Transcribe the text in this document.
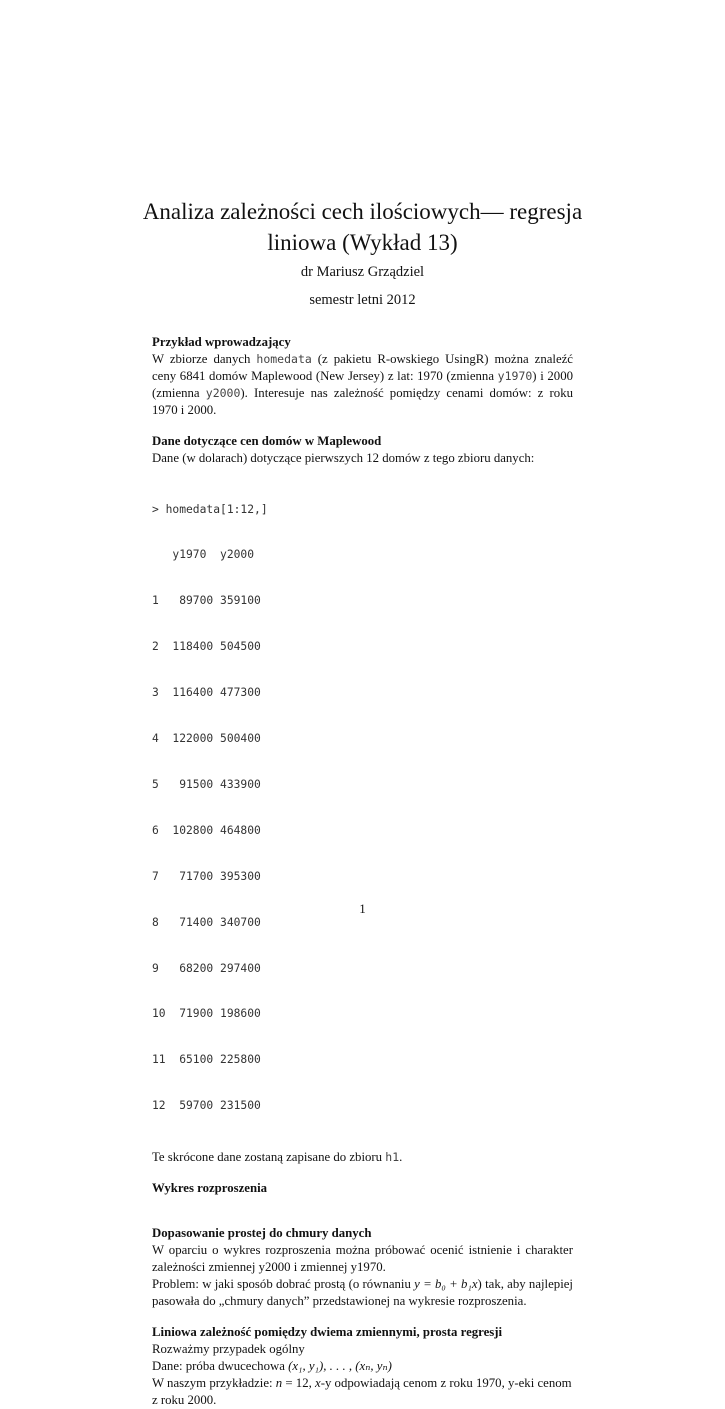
Analiza zależności cech ilościowych— regresja
liniowa (Wykład 13)
dr Mariusz Grządziel
semestr letni 2012

Przykład wprowadzający

W zbiorze danych homedata (z pakietu R-owskiego UsingR) można znaleźć ceny 6841 domów Maplewood (New Jersey) z lat: 1970 (zmienna y1970) i 2000 (zmienna y2000). Interesuje nas zależność pomiędzy cenami domów: z roku 1970 i 2000.

Dane dotyczące cen domów w Maplewood

Dane (w dolarach) dotyczące pierwszych 12 domów z tego zbioru danych:

> homedata[1:12,]

y1970  y2000

1   89700 359100

2  118400 504500

3  116400 477300

4  122000 500400

5   91500 433900

6  102800 464800

7   71700 395300

8   71400 340700

9   68200 297400

10  71900 198600

11  65100 225800

12  59700 231500

Te skrócone dane zostaną zapisane do zbioru h1.

Wykres rozproszenia

Dopasowanie prostej do chmury danych

W oparciu o wykres rozproszenia można próbować ocenić istnienie i charakter zależności zmiennej y2000 i zmiennej y1970.

Problem: w jaki sposób dobrać prostą (o równaniu y = b₀ + b₁x) tak, aby najlepiej pasowała do „chmury danych” przedstawionej na wykresie rozproszenia.

Liniowa zależność pomiędzy dwiema zmiennymi, prosta regresji

Rozważmy przypadek ogólny

Dane: próba dwucechowa (x₁, y₁), . . . , (xₙ, yₙ)

W naszym przykładzie: n = 12, x-y odpowiadają cenom z roku 1970, y-eki cenom z roku 2000.

1
